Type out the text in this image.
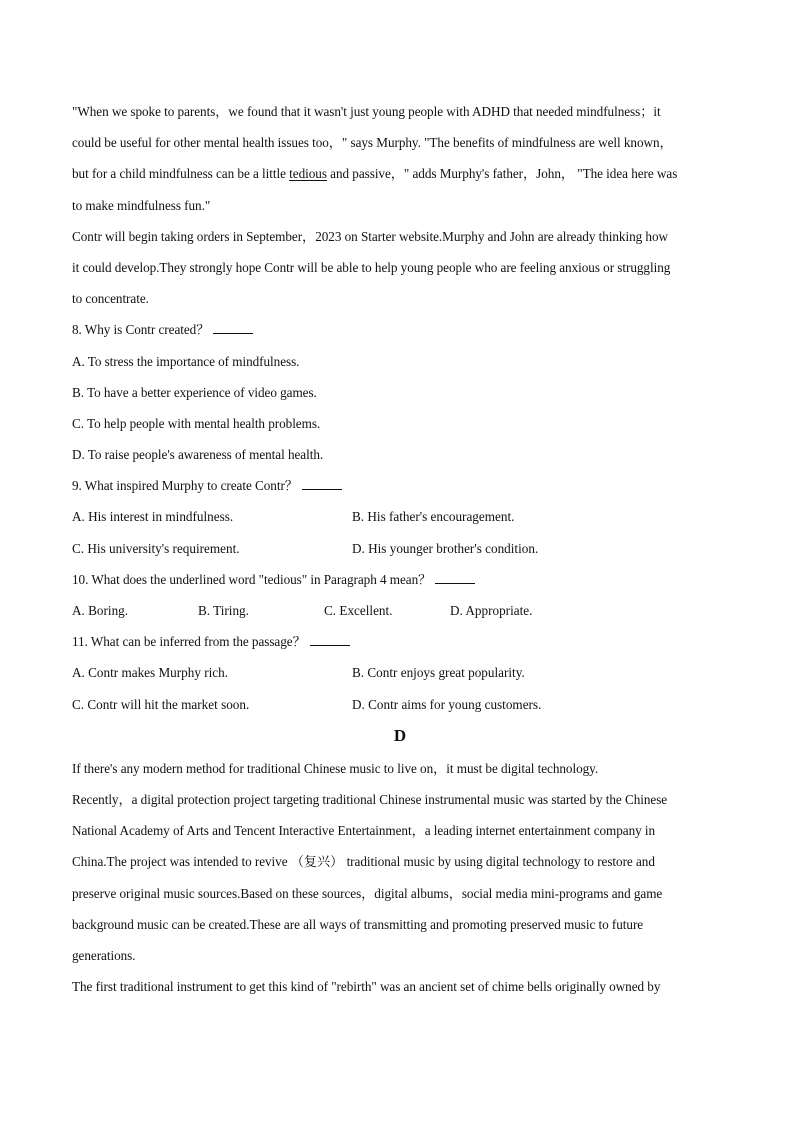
"When we spoke to parents，we found that it wasn't just young people with ADHD that needed mindfulness；it
could be useful for other mental health issues too，" says Murphy. "The benefits of mindfulness are well known，
but for a child mindfulness can be a little tedious and passive，" adds Murphy's father，John， "The idea here was
to make mindfulness fun."
Contr will begin taking orders in September，2023 on Starter website.Murphy and John are already thinking how
it could develop.They strongly hope Contr will be able to help young people who are feeling anxious or struggling
to concentrate.
8. Why is Contr created？
A. To stress the importance of mindfulness.
B. To have a better experience of video games.
C. To help people with mental health problems.
D. To raise people's awareness of mental health.
9. What inspired Murphy to create Contr？
A. His interest in mindfulness.	B. His father's encouragement.
C. His university's requirement.	D. His younger brother's condition.
10. What does the underlined word "tedious" in Paragraph 4 mean？
A. Boring.	B. Tiring.	C. Excellent.	D. Appropriate.
11. What can be inferred from the passage？
A. Contr makes Murphy rich.	B. Contr enjoys great popularity.
C. Contr will hit the market soon.	D. Contr aims for young customers.
D
If there's any modern method for traditional Chinese music to live on，it must be digital technology.
Recently，a digital protection project targeting traditional Chinese instrumental music was started by the Chinese
National Academy of Arts and Tencent Interactive Entertainment，a leading internet entertainment company in
China.The project was intended to revive （复兴） traditional music by using digital technology to restore and
preserve original music sources.Based on these sources，digital albums，social media mini-programs and game
background music can be created.These are all ways of transmitting and promoting preserved music to future
generations.
The first traditional instrument to get this kind of "rebirth" was an ancient set of chime bells originally owned by
